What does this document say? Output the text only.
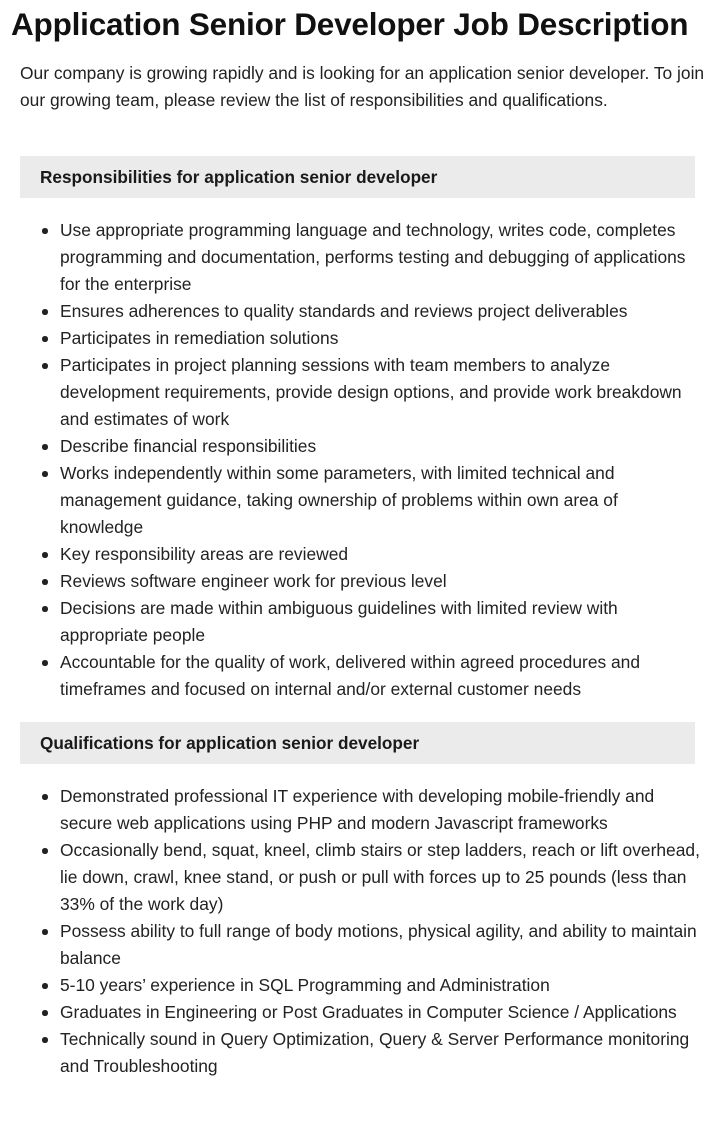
Application Senior Developer Job Description

Our company is growing rapidly and is looking for an application senior developer. To join our growing team, please review the list of responsibilities and qualifications.

Responsibilities for application senior developer
Use appropriate programming language and technology, writes code, completes programming and documentation, performs testing and debugging of applications for the enterprise
Ensures adherences to quality standards and reviews project deliverables
Participates in remediation solutions
Participates in project planning sessions with team members to analyze development requirements, provide design options, and provide work breakdown and estimates of work
Describe financial responsibilities
Works independently within some parameters, with limited technical and management guidance, taking ownership of problems within own area of knowledge
Key responsibility areas are reviewed
Reviews software engineer work for previous level
Decisions are made within ambiguous guidelines with limited review with appropriate people
Accountable for the quality of work, delivered within agreed procedures and timeframes and focused on internal and/or external customer needs
Qualifications for application senior developer
Demonstrated professional IT experience with developing mobile-friendly and secure web applications using PHP and modern Javascript frameworks
Occasionally bend, squat, kneel, climb stairs or step ladders, reach or lift overhead, lie down, crawl, knee stand, or push or pull with forces up to 25 pounds (less than 33% of the work day)
Possess ability to full range of body motions, physical agility, and ability to maintain balance
5-10 years’ experience in SQL Programming and Administration
Graduates in Engineering or Post Graduates in Computer Science / Applications
Technically sound in Query Optimization, Query & Server Performance monitoring and Troubleshooting
